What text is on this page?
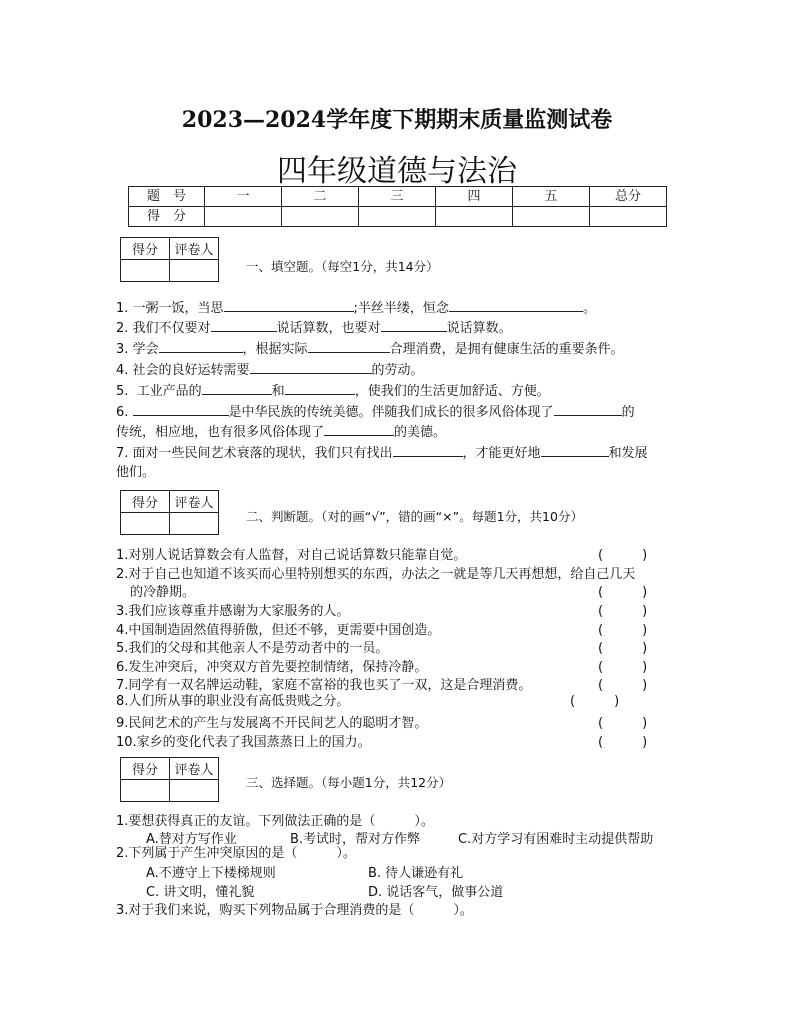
2023—2024学年度下期期末质量监测试卷
四年级道德与法治
题　号	一	二	三	四	五	总分
得　分						
得分	评卷人

一、填空题。（每空1分，共14分）
1. 一粥一饭，当思	;半丝半缕，恒念	。
2. 我们不仅要对	说话算数，也要对	说话算数。
3. 学会	，根据实际	合理消费，是拥有健康生活的重要条件。
4. 社会的良好运转需要	的劳动。
5.  工业产品的	和	，使我们的生活更加舒适、方便。
6.	是中华民族的传统美德。伴随我们成长的很多风俗体现了	的
传统，相应地，也有很多风俗体现了	的美德。
7. 面对一些民间艺术衰落的现状，我们只有找出	，才能更好地	和发展
他们。
得分	评卷人

二、判断题。（对的画“√”，错的画“×”。每题1分，共10分）
1.对别人说话算数会有人监督，对自己说话算数只能靠自觉。	(　　　)
2.对于自己也知道不该买而心里特别想买的东西，办法之一就是等几天再想想，给自己几天
的冷静期。	(　　　)
3.我们应该尊重并感谢为大家服务的人。	(　　　)
4.中国制造固然值得骄傲，但还不够，更需要中国创造。	(　　　)
5.我们的父母和其他亲人不是劳动者中的一员。	(　　　)
6.发生冲突后，冲突双方首先要控制情绪，保持冷静。	(　　　)
7.同学有一双名牌运动鞋，家庭不富裕的我也买了一双，这是合理消费。	(　　　)
8.人们所从事的职业没有高低贵贱之分。	(　　　)
9.民间艺术的产生与发展离不开民间艺人的聪明才智。	(　　　)
10.家乡的变化代表了我国蒸蒸日上的国力。	(　　　)
得分	评卷人

三、选择题。（每小题1分，共12分）
1.要想获得真正的友谊。下列做法正确的是（　　　）。
A.替对方写作业	B.考试时，帮对方作弊	C.对方学习有困难时主动提供帮助
2.下列属于产生冲突原因的是（　　　）。
A.不遵守上下楼梯规则	B. 待人谦逊有礼
C. 讲文明，懂礼貌	D. 说话客气，做事公道
3.对于我们来说，购买下列物品属于合理消费的是（　　　）。
